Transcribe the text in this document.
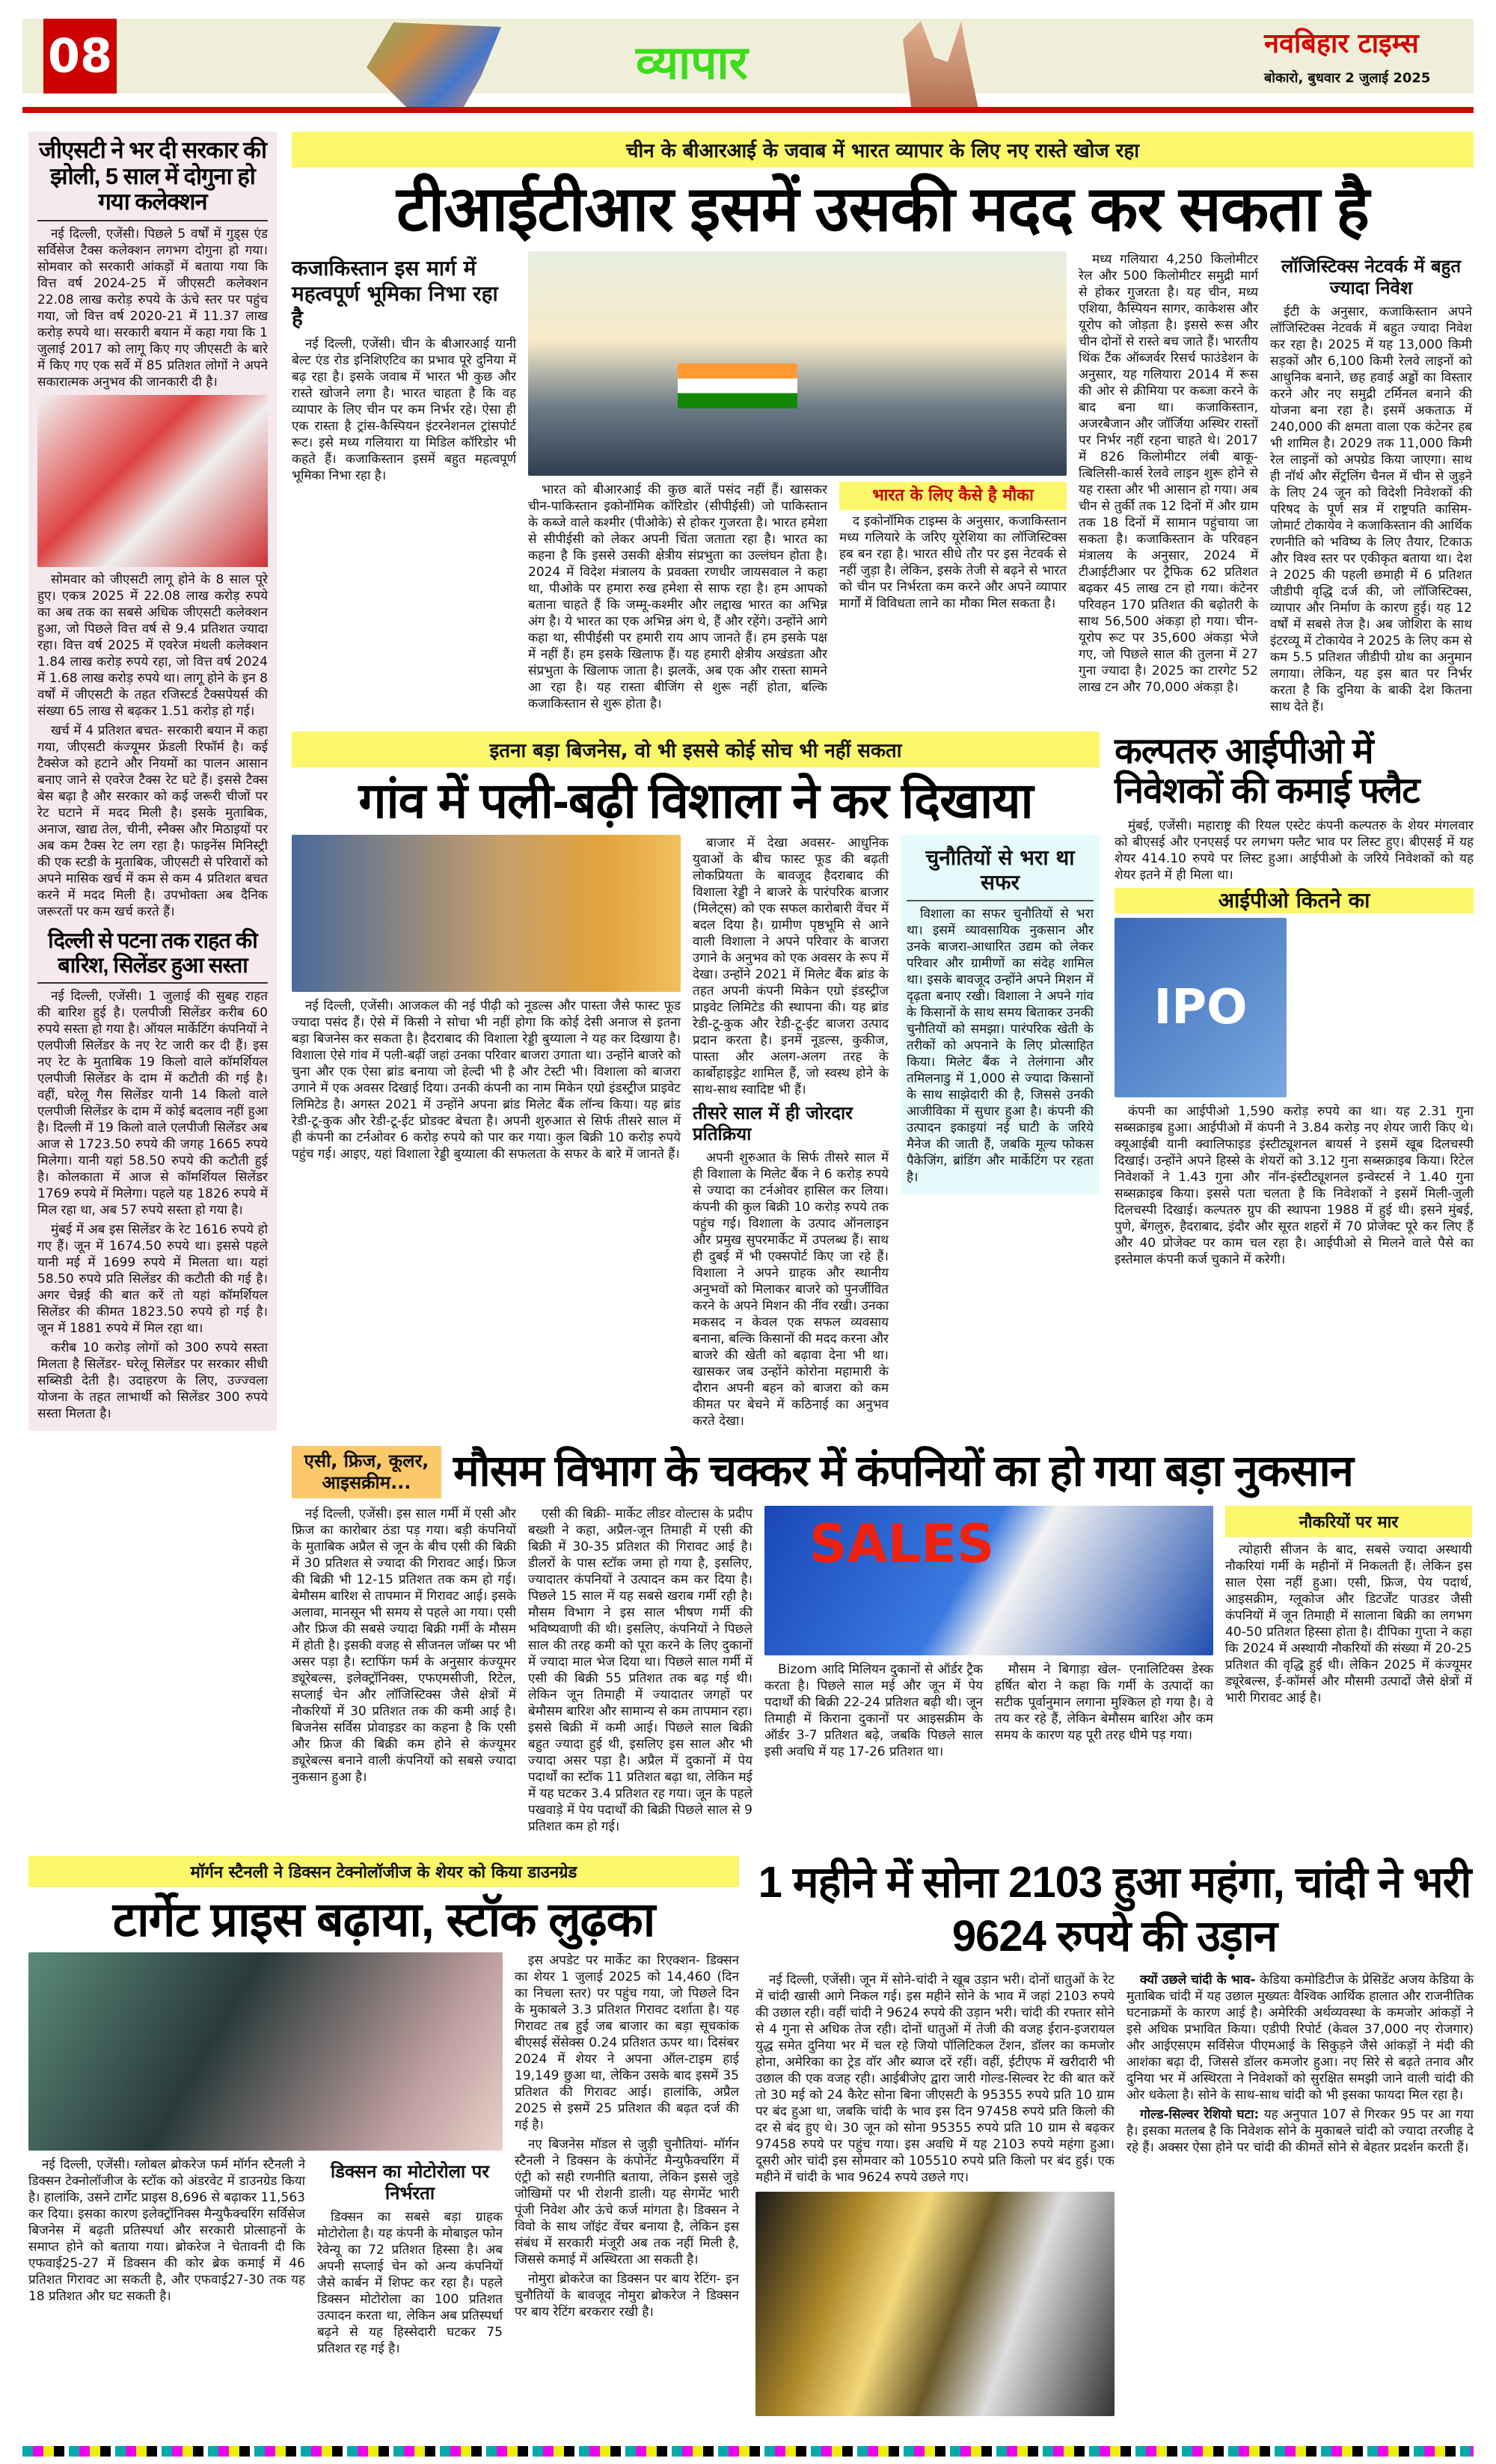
08	व्यापार	नवबिहार टाइम्स
बोकारो, बुधवार 2 जुलाई 2025
जीएसटी ने भर दी सरकार की झोली, 5 साल में दोगुना हो गया कलेक्शन

नई दिल्ली, एजेंसी। पिछले 5 वर्षों में गुड्स एंड सर्विसेज टैक्स कलेक्शन लगभग दोगुना हो गया। सोमवार को सरकारी आंकड़ों में बताया गया कि वित्त वर्ष 2024-25 में जीएसटी कलेक्शन 22.08 लाख करोड़ रुपये के ऊंचे स्तर पर पहुंच गया, जो वित्त वर्ष 2020-21 में 11.37 लाख करोड़ रुपये था। सरकारी बयान में कहा गया कि 1 जुलाई 2017 को लागू किए गए जीएसटी के बारे में किए गए एक सर्वे में 85 प्रतिशत लोगों ने अपने सकारात्मक अनुभव की जानकारी दी है।

सोमवार को जीएसटी लागू होने के 8 साल पूरे हुए। एकत्र 2025 में 22.08 लाख करोड़ रुपये का अब तक का सबसे अधिक जीएसटी कलेक्शन हुआ, जो पिछले वित्त वर्ष से 9.4 प्रतिशत ज्यादा रहा। वित्त वर्ष 2025 में एवरेज मंथली कलेक्शन 1.84 लाख करोड़ रुपये रहा, जो वित्त वर्ष 2024 में 1.68 लाख करोड़ रुपये था। लागू होने के इन 8 वर्षों में जीएसटी के तहत रजिस्टर्ड टैक्सपेयर्स की संख्या 65 लाख से बढ़कर 1.51 करोड़ हो गई।

खर्च में 4 प्रतिशत बचत- सरकारी बयान में कहा गया, जीएसटी कंज्यूमर फ्रेंडली रिफॉर्म है। कई टैक्सेज को हटाने और नियमों का पालन आसान बनाए जाने से एवरेज टैक्स रेट घटे हैं। इससे टैक्स बेस बढ़ा है और सरकार को कई जरूरी चीजों पर रेट घटाने में मदद मिली है। इसके मुताबिक, अनाज, खाद्य तेल, चीनी, स्नैक्स और मिठाइयों पर अब कम टैक्स रेट लग रहा है। फाइनेंस मिनिस्ट्री की एक स्टडी के मुताबिक, जीएसटी से परिवारों को अपने मासिक खर्च में कम से कम 4 प्रतिशत बचत करने में मदद मिली है। उपभोक्ता अब दैनिक जरूरतों पर कम खर्च करते हैं।

दिल्ली से पटना तक राहत की बारिश, सिलेंडर हुआ सस्ता

नई दिल्ली, एजेंसी। 1 जुलाई की सुबह राहत की बारिश हुई है। एलपीजी सिलेंडर करीब 60 रुपये सस्ता हो गया है। ऑयल मार्केटिंग कंपनियों ने एलपीजी सिलेंडर के नए रेट जारी कर दी हैं। इस नए रेट के मुताबिक 19 किलो वाले कॉमर्शियल एलपीजी सिलेंडर के दाम में कटौती की गई है। वहीं, घरेलू गैस सिलेंडर यानी 14 किलो वाले एलपीजी सिलेंडर के दाम में कोई बदलाव नहीं हुआ है। दिल्ली में 19 किलो वाले एलपीजी सिलेंडर अब आज से 1723.50 रुपये की जगह 1665 रुपये मिलेगा। यानी यहां 58.50 रुपये की कटौती हुई है। कोलकाता में आज से कॉमर्शियल सिलेंडर 1769 रुपये में मिलेगा। पहले यह 1826 रुपये में मिल रहा था, अब 57 रुपये सस्ता हो गया है।

मुंबई में अब इस सिलेंडर के रेट 1616 रुपये हो गए हैं। जून में 1674.50 रुपये था। इससे पहले यानी मई में 1699 रुपये में मिलता था। यहां 58.50 रुपये प्रति सिलेंडर की कटौती की गई है। अगर चेन्नई की बात करें तो यहां कॉमर्शियल सिलेंडर की कीमत 1823.50 रुपये हो गई है। जून में 1881 रुपये में मिल रहा था।

करीब 10 करोड़ लोगों को 300 रुपये सस्ता मिलता है सिलेंडर- घरेलू सिलेंडर पर सरकार सीधी सब्सिडी देती है। उदाहरण के लिए, उज्ज्वला योजना के तहत लाभार्थी को सिलेंडर 300 रुपये सस्ता मिलता है।

चीन के बीआरआई के जवाब में भारत व्यापार के लिए नए रास्ते खोज रहा
टीआईटीआर इसमें उसकी मदद कर सकता है
कजाकिस्तान इस मार्ग में महत्वपूर्ण भूमिका निभा रहा है

नई दिल्ली, एजेंसी। चीन के बीआरआई यानी बेल्ट एंड रोड इनिशिएटिव का प्रभाव पूरे दुनिया में बढ़ रहा है। इसके जवाब में भारत भी कुछ और रास्ते खोजने लगा है। भारत चाहता है कि वह व्यापार के लिए चीन पर कम निर्भर रहे। ऐसा ही एक रास्ता है ट्रांस-कैस्पियन इंटरनेशनल ट्रांसपोर्ट रूट। इसे मध्य गलियारा या मिडिल कॉरिडोर भी कहते हैं। कजाकिस्तान इसमें बहुत महत्वपूर्ण भूमिका निभा रहा है।

भारत को बीआरआई की कुछ बातें पसंद नहीं हैं। खासकर चीन-पाकिस्तान इकोनॉमिक कॉरिडोर (सीपीईसी) जो पाकिस्तान के कब्जे वाले कश्मीर (पीओके) से होकर गुजरता है। भारत हमेशा से सीपीईसी को लेकर अपनी चिंता जताता रहा है। भारत का कहना है कि इससे उसकी क्षेत्रीय संप्रभुता का उल्लंघन होता है। 2024 में विदेश मंत्रालय के प्रवक्ता रणधीर जायसवाल ने कहा था, पीओके पर हमारा रुख हमेशा से साफ रहा है। हम आपको बताना चाहते हैं कि जम्मू-कश्मीर और लद्दाख भारत का अभिन्न अंग है। ये भारत का एक अभिन्न अंग थे, हैं और रहेंगे। उन्होंने आगे कहा था, सीपीईसी पर हमारी राय आप जानते हैं। हम इसके पक्ष में नहीं हैं। हम इसके खिलाफ हैं। यह हमारी क्षेत्रीय अखंडता और संप्रभुता के खिलाफ जाता है। झलकें, अब एक और रास्ता सामने आ रहा है। यह रास्ता बीजिंग से शुरू नहीं होता, बल्कि कजाकिस्तान से शुरू होता है।

भारत के लिए कैसे है मौका

द इकोनॉमिक टाइम्स के अनुसार, कजाकिस्तान मध्य गलियारे के जरिए यूरेशिया का लॉजिस्टिक्स हब बन रहा है। भारत सीधे तौर पर इस नेटवर्क से नहीं जुड़ा है। लेकिन, इसके तेजी से बढ़ने से भारत को चीन पर निर्भरता कम करने और अपने व्यापार मार्गों में विविधता लाने का मौका मिल सकता है।

मध्य गलियारा 4,250 किलोमीटर रेल और 500 किलोमीटर समुद्री मार्ग से होकर गुजरता है। यह चीन, मध्य एशिया, कैस्पियन सागर, काकेशस और यूरोप को जोड़ता है। इससे रूस और चीन दोनों से रास्ते बच जाते हैं। भारतीय थिंक टैंक ऑब्जर्वर रिसर्च फाउंडेशन के अनुसार, यह गलियारा 2014 में रूस की ओर से क्रीमिया पर कब्जा करने के बाद बना था। कजाकिस्तान, अजरबैजान और जॉर्जिया अस्थिर रास्तों पर निर्भर नहीं रहना चाहते थे। 2017 में 826 किलोमीटर लंबी बाकू-त्बिलिसी-कार्स रेलवे लाइन शुरू होने से यह रास्ता और भी आसान हो गया। अब चीन से तुर्की तक 12 दिनों में और ग्राम तक 18 दिनों में सामान पहुंचाया जा सकता है। कजाकिस्तान के परिवहन मंत्रालय के अनुसार, 2024 में टीआईटीआर पर ट्रैफिक 62 प्रतिशत बढ़कर 45 लाख टन हो गया। कंटेनर परिवहन 170 प्रतिशत की बढ़ोतरी के साथ 56,500 अंकड़ा हो गया। चीन-यूरोप रूट पर 35,600 अंकड़ा भेजे गए, जो पिछले साल की तुलना में 27 गुना ज्यादा है। 2025 का टारगेट 52 लाख टन और 70,000 अंकड़ा है।

लॉजिस्टिक्स नेटवर्क में बहुत ज्यादा निवेश

ईटी के अनुसार, कजाकिस्तान अपने लॉजिस्टिक्स नेटवर्क में बहुत ज्यादा निवेश कर रहा है। 2025 में यह 13,000 किमी सड़कों और 6,100 किमी रेलवे लाइनों को आधुनिक बनाने, छह हवाई अड्डों का विस्तार करने और नए समुद्री टर्मिनल बनाने की योजना बना रहा है। इसमें अकताऊ में 240,000 की क्षमता वाला एक कंटेनर हब भी शामिल है। 2029 तक 11,000 किमी रेल लाइनों को अपग्रेड किया जाएगा। साथ ही नॉर्थ और सेंट्रलिंग चैनल में चीन से जुड़ने के लिए 24 जून को विदेशी निवेशकों की परिषद के पूर्ण सत्र में राष्ट्रपति कासिम-जोमार्ट टोकायेव ने कजाकिस्तान की आर्थिक रणनीति को भविष्य के लिए तैयार, टिकाऊ और विश्व स्तर पर एकीकृत बताया था। देश ने 2025 की पहली छमाही में 6 प्रतिशत जीडीपी वृद्धि दर्ज की, जो लॉजिस्टिक्स, व्यापार और निर्माण के कारण हुई। यह 12 वर्षों में सबसे तेज है। अब जोशिरा के साथ इंटरव्यू में टोकायेव ने 2025 के लिए कम से कम 5.5 प्रतिशत जीडीपी ग्रोथ का अनुमान लगाया। लेकिन, यह इस बात पर निर्भर करता है कि दुनिया के बाकी देश कितना साथ देते हैं।

इतना बड़ा बिजनेस, वो भी इससे कोई सोच भी नहीं सकता
गांव में पली-बढ़ी विशाला ने कर दिखाया

नई दिल्ली, एजेंसी। आजकल की नई पीढ़ी को नूडल्स और पास्ता जैसे फास्ट फूड ज्यादा पसंद हैं। ऐसे में किसी ने सोचा भी नहीं होगा कि कोई देसी अनाज से इतना बड़ा बिजनेस कर सकता है। हैदराबाद की विशाला रेड्डी बुय्याला ने यह कर दिखाया है। विशाला ऐसे गांव में पली-बढ़ीं जहां उनका परिवार बाजरा उगाता था। उन्होंने बाजरे को चुना और एक ऐसा ब्रांड बनाया जो हेल्दी भी है और टेस्टी भी। विशाला को बाजरा उगाने में एक अवसर दिखाई दिया। उनकी कंपनी का नाम मिकेन एग्रो इंडस्ट्रीज प्राइवेट लिमिटेड है। अगस्त 2021 में उन्होंने अपना ब्रांड मिलेट बैंक लॉन्च किया। यह ब्रांड रेडी-टू-कुक और रेडी-टू-ईट प्रोडक्ट बेचता है। अपनी शुरुआत से सिर्फ तीसरे साल में ही कंपनी का टर्नओवर 6 करोड़ रुपये को पार कर गया। कुल बिक्री 10 करोड़ रुपये पहुंच गई। आइए, यहां विशाला रेड्डी बुय्याला की सफलता के सफर के बारे में जानते हैं।

बाजार में देखा अवसर- आधुनिक युवाओं के बीच फास्ट फूड की बढ़ती लोकप्रियता के बावजूद हैदराबाद की विशाला रेड्डी ने बाजरे के पारंपरिक बाजार (मिलेट्स) को एक सफल कारोबारी वेंचर में बदल दिया है। ग्रामीण पृष्ठभूमि से आने वाली विशाला ने अपने परिवार के बाजरा उगाने के अनुभव को एक अवसर के रूप में देखा। उन्होंने 2021 में मिलेट बैंक ब्रांड के तहत अपनी कंपनी मिकेन एग्रो इंडस्ट्रीज प्राइवेट लिमिटेड की स्थापना की। यह ब्रांड रेडी-टू-कुक और रेडी-टू-ईट बाजरा उत्पाद प्रदान करता है। इनमें नूडल्स, कुकीज, पास्ता और अलग-अलग तरह के कार्बोहाइड्रेट शामिल हैं, जो स्वस्थ होने के साथ-साथ स्वादिष्ट भी हैं।

तीसरे साल में ही जोरदार प्रतिक्रिया

अपनी शुरुआत के सिर्फ तीसरे साल में ही विशाला के मिलेट बैंक ने 6 करोड़ रुपये से ज्यादा का टर्नओवर हासिल कर लिया। कंपनी की कुल बिक्री 10 करोड़ रुपये तक पहुंच गई। विशाला के उत्पाद ऑनलाइन और प्रमुख सुपरमार्केट में उपलब्ध हैं। साथ ही दुबई में भी एक्सपोर्ट किए जा रहे हैं। विशाला ने अपने ग्राहक और स्थानीय अनुभवों को मिलाकर बाजरे को पुनर्जीवित करने के अपने मिशन की नींव रखी। उनका मकसद न केवल एक सफल व्यवसाय बनाना, बल्कि किसानों की मदद करना और बाजरे की खेती को बढ़ावा देना भी था। खासकर जब उन्होंने कोरोना महामारी के दौरान अपनी बहन को बाजरा को कम कीमत पर बेचने में कठिनाई का अनुभव करते देखा।

चुनौतियों से भरा था सफर

विशाला का सफर चुनौतियों से भरा था। इसमें व्यावसायिक नुकसान और उनके बाजरा-आधारित उद्यम को लेकर परिवार और ग्रामीणों का संदेह शामिल था। इसके बावजूद उन्होंने अपने मिशन में दृढ़ता बनाए रखी। विशाला ने अपने गांव के किसानों के साथ समय बिताकर उनकी चुनौतियों को समझा। पारंपरिक खेती के तरीकों को अपनाने के लिए प्रोत्साहित किया। मिलेट बैंक ने तेलंगाना और तमिलनाडु में 1,000 से ज्यादा किसानों के साथ साझेदारी की है, जिससे उनकी आजीविका में सुधार हुआ है। कंपनी की उत्पादन इकाइयां नई घाटी के जरिये मैनेज की जाती हैं, जबकि मूल्य फोकस पैकेजिंग, ब्रांडिंग और मार्केटिंग पर रहता है।

कल्पतरु आईपीओ में निवेशकों की कमाई फ्लैट

मुंबई, एजेंसी। महाराष्ट्र की रियल एस्टेट कंपनी कल्पतरु के शेयर मंगलवार को बीएसई और एनएसई पर लगभग फ्लैट भाव पर लिस्ट हुए। बीएसई में यह शेयर 414.10 रुपये पर लिस्ट हुआ। आईपीओ के जरिये निवेशकों को यह शेयर इतने में ही मिला था।

आईपीओ कितने का
IPO

कंपनी का आईपीओ 1,590 करोड़ रुपये का था। यह 2.31 गुना सब्सक्राइब हुआ। आईपीओ में कंपनी ने 3.84 करोड़ नए शेयर जारी किए थे। क्यूआईबी यानी क्वालिफाइड इंस्टीट्यूशनल बायर्स ने इसमें खूब दिलचस्पी दिखाई। उन्होंने अपने हिस्से के शेयरों को 3.12 गुना सब्सक्राइब किया। रिटेल निवेशकों ने 1.43 गुना और नॉन-इंस्टीट्यूशनल इन्वेस्टर्स ने 1.40 गुना सब्सक्राइब किया। इससे पता चलता है कि निवेशकों ने इसमें मिली-जुली दिलचस्पी दिखाई। कल्पतरु ग्रुप की स्थापना 1988 में हुई थी। इसने मुंबई, पुणे, बेंगलुरु, हैदराबाद, इंदौर और सूरत शहरों में 70 प्रोजेक्ट पूरे कर लिए हैं और 40 प्रोजेक्ट पर काम चल रहा है। आईपीओ से मिलने वाले पैसे का इस्तेमाल कंपनी कर्ज चुकाने में करेगी।

एसी, फ्रिज, कूलर, आइसक्रीम... मौसम विभाग के चक्कर में कंपनियों का हो गया बड़ा नुकसान

नई दिल्ली, एजेंसी। इस साल गर्मी में एसी और फ्रिज का कारोबार ठंडा पड़ गया। बड़ी कंपनियों के मुताबिक अप्रैल से जून के बीच एसी की बिक्री में 30 प्रतिशत से ज्यादा की गिरावट आई। फ्रिज की बिक्री भी 12-15 प्रतिशत तक कम हो गई। बेमौसम बारिश से तापमान में गिरावट आई। इसके अलावा, मानसून भी समय से पहले आ गया। एसी और फ्रिज की सबसे ज्यादा बिक्री गर्मी के मौसम में होती है। इसकी वजह से सीजनल जॉब्स पर भी असर पड़ा है। स्टाफिंग फर्म के अनुसार कंज्यूमर ड्यूरेबल्स, इलेक्ट्रॉनिक्स, एफएमसीजी, रिटेल, सप्लाई चेन और लॉजिस्टिक्स जैसे क्षेत्रों में नौकरियों में 30 प्रतिशत तक की कमी आई है। बिजनेस सर्विस प्रोवाइडर का कहना है कि एसी और फ्रिज की बिक्री कम होने से कंज्यूमर ड्यूरेबल्स बनाने वाली कंपनियों को सबसे ज्यादा नुकसान हुआ है।

एसी की बिक्री- मार्केट लीडर वोल्टास के प्रदीप बख्शी ने कहा, अप्रैल-जून तिमाही में एसी की बिक्री में 30-35 प्रतिशत की गिरावट आई है। डीलरों के पास स्टॉक जमा हो गया है, इसलिए, ज्यादातर कंपनियों ने उत्पादन कम कर दिया है। पिछले 15 साल में यह सबसे खराब गर्मी रही है। मौसम विभाग ने इस साल भीषण गर्मी की भविष्यवाणी की थी। इसलिए, कंपनियों ने पिछले साल की तरह कमी को पूरा करने के लिए दुकानों में ज्यादा माल भेज दिया था। पिछले साल गर्मी में एसी की बिक्री 55 प्रतिशत तक बढ़ गई थी। लेकिन जून तिमाही में ज्यादातर जगहों पर बेमौसम बारिश और सामान्य से कम तापमान रहा। इससे बिक्री में कमी आई। पिछले साल बिक्री बहुत ज्यादा हुई थी, इसलिए इस साल और भी ज्यादा असर पड़ा है। अप्रैल में दुकानों में पेय पदार्थों का स्टॉक 11 प्रतिशत बढ़ा था, लेकिन मई में यह घटकर 3.4 प्रतिशत रह गया। जून के पहले पखवाड़े में पेय पदार्थों की बिक्री पिछले साल से 9 प्रतिशत कम हो गई।

SALES

Bizom आदि मिलियन दुकानों से ऑर्डर ट्रैक करता है। पिछले साल मई और जून में पेय पदार्थों की बिक्री 22-24 प्रतिशत बढ़ी थी। जून तिमाही में किराना दुकानों पर आइसक्रीम के ऑर्डर 3-7 प्रतिशत बढ़े, जबकि पिछले साल इसी अवधि में यह 17-26 प्रतिशत था।

मौसम ने बिगाड़ा खेल- एनालिटिक्स डेस्क हर्षित बोरा ने कहा कि गर्मी के उत्पादों का सटीक पूर्वानुमान लगाना मुश्किल हो गया है। वे तय कर रहे हैं, लेकिन बेमौसम बारिश और कम समय के कारण यह पूरी तरह धीमे पड़ गया।

नौकरियों पर मार

त्योहारी सीजन के बाद, सबसे ज्यादा अस्थायी नौकरियां गर्मी के महीनों में निकलती हैं। लेकिन इस साल ऐसा नहीं हुआ। एसी, फ्रिज, पेय पदार्थ, आइसक्रीम, ग्लूकोज और डिटर्जेंट पाउडर जैसी कंपनियों में जून तिमाही में सालाना बिक्री का लगभग 40-50 प्रतिशत हिस्सा होता है। दीपिका गुप्ता ने कहा कि 2024 में अस्थायी नौकरियों की संख्या में 20-25 प्रतिशत की वृद्धि हुई थी। लेकिन 2025 में कंज्यूमर ड्यूरेबल्स, ई-कॉमर्स और मौसमी उत्पादों जैसे क्षेत्रों में भारी गिरावट आई है।

मॉर्गन स्टैनली ने डिक्सन टेक्नोलॉजीज के शेयर को किया डाउनग्रेड
टार्गेट प्राइस बढ़ाया, स्टॉक लुढ़का

नई दिल्ली, एजेंसी। ग्लोबल ब्रोकरेज फर्म मॉर्गन स्टैनली ने डिक्सन टेक्नोलॉजीज के स्टॉक को अंडरवेट में डाउनग्रेड किया है। हालांकि, उसने टार्गेट प्राइस 8,696 से बढ़ाकर 11,563 कर दिया। इसका कारण इलेक्ट्रॉनिक्स मैन्युफैक्चरिंग सर्विसेज बिजनेस में बढ़ती प्रतिस्पर्धा और सरकारी प्रोत्साहनों के समाप्त होने को बताया गया। ब्रोकरेज ने चेतावनी दी कि एफवाई25-27 में डिक्सन की कोर ब्रेक कमाई में 46 प्रतिशत गिरावट आ सकती है, और एफवाई27-30 तक यह 18 प्रतिशत और घट सकती है।

डिक्सन का मोटोरोला पर निर्भरता

डिक्सन का सबसे बड़ा ग्राहक मोटोरोला है। यह कंपनी के मोबाइल फोन रेवेन्यू का 72 प्रतिशत हिस्सा है। अब अपनी सप्लाई चेन को अन्य कंपनियों जैसे कार्बन में शिफ्ट कर रहा है। पहले डिक्सन मोटोरोला का 100 प्रतिशत उत्पादन करता था, लेकिन अब प्रतिस्पर्धा बढ़ने से यह हिस्सेदारी घटकर 75 प्रतिशत रह गई है।

इस अपडेट पर मार्केट का रिएक्शन- डिक्सन का शेयर 1 जुलाई 2025 को 14,460 (दिन का निचला स्तर) पर पहुंच गया, जो पिछले दिन के मुकाबले 3.3 प्रतिशत गिरावट दर्शाता है। यह गिरावट तब हुई जब बाजार का बड़ा सूचकांक बीएसई सेंसेक्स 0.24 प्रतिशत ऊपर था। दिसंबर 2024 में शेयर ने अपना ऑल-टाइम हाई 19,149 छुआ था, लेकिन उसके बाद इसमें 35 प्रतिशत की गिरावट आई। हालांकि, अप्रैल 2025 से इसमें 25 प्रतिशत की बढ़त दर्ज की गई है।

नए बिजनेस मॉडल से जुड़ी चुनौतियां- मॉर्गन स्टैनली ने डिक्सन के कंपोनेंट मैन्युफैक्चरिंग में एंट्री को सही रणनीति बताया, लेकिन इससे जुड़े जोखिमों पर भी रोशनी डाली। यह सेगमेंट भारी पूंजी निवेश और ऊंचे कर्ज मांगता है। डिक्सन ने विवो के साथ जॉइंट वेंचर बनाया है, लेकिन इस संबंध में सरकारी मंजूरी अब तक नहीं मिली है, जिससे कमाई में अस्थिरता आ सकती है।

नोमुरा ब्रोकरेज का डिक्सन पर बाय रेटिंग- इन चुनौतियों के बावजूद नोमुरा ब्रोकरेज ने डिक्सन पर बाय रेटिंग बरकरार रखी है।

1 महीने में सोना 2103 हुआ महंगा, चांदी ने भरी 9624 रुपये की उड़ान

नई दिल्ली, एजेंसी। जून में सोने-चांदी ने खूब उड़ान भरी। दोनों धातुओं के रेट में चांदी खासी आगे निकल गई। इस महीने सोने के भाव में जहां 2103 रुपये की उछाल रही। वहीं चांदी ने 9624 रुपये की उड़ान भरी। चांदी की रफ्तार सोने से 4 गुना से अधिक तेज रही। दोनों धातुओं में तेजी की वजह ईरान-इजरायल युद्ध समेत दुनिया भर में चल रहे जियो पॉलिटिकल टेंशन, डॉलर का कमजोर होना, अमेरिका का ट्रेड वॉर और ब्याज दरें रहीं। वहीं, ईटीएफ में खरीदारी भी उछाल की एक वजह रही। आईबीजेए द्वारा जारी गोल्ड-सिल्वर रेट की बात करें तो 30 मई को 24 कैरेट सोना बिना जीएसटी के 95355 रुपये प्रति 10 ग्राम पर बंद हुआ था, जबकि चांदी के भाव इस दिन 97458 रुपये प्रति किलो की दर से बंद हुए थे। 30 जून को सोना 95355 रुपये प्रति 10 ग्राम से बढ़कर 97458 रुपये पर पहुंच गया। इस अवधि में यह 2103 रुपये महंगा हुआ। दूसरी ओर चांदी इस सोमवार को 105510 रुपये प्रति किलो पर बंद हुई। एक महीने में चांदी के भाव 9624 रुपये उछले गए।

क्यों उछले चांदी के भाव- केडिया कमोडिटीज के प्रेसिडेंट अजय केडिया के मुताबिक चांदी में यह उछाल मुख्यतः वैश्विक आर्थिक हालात और राजनीतिक घटनाक्रमों के कारण आई है। अमेरिकी अर्थव्यवस्था के कमजोर आंकड़ों ने इसे अधिक प्रभावित किया। एडीपी रिपोर्ट (केवल 37,000 नए रोजगार) और आईएसएम सर्विसेज पीएमआई के सिकुड़ने जैसे आंकड़ों ने मंदी की आशंका बढ़ा दी, जिससे डॉलर कमजोर हुआ। नए सिरे से बढ़ते तनाव और दुनिया भर में अस्थिरता ने निवेशकों को सुरक्षित समझी जाने वाली चांदी की ओर धकेला है। सोने के साथ-साथ चांदी को भी इसका फायदा मिल रहा है।

गोल्ड-सिल्वर रेशियो घटा: यह अनुपात 107 से गिरकर 95 पर आ गया है। इसका मतलब है कि निवेशक सोने के मुकाबले चांदी को ज्यादा तरजीह दे रहे हैं। अक्सर ऐसा होने पर चांदी की कीमतें सोने से बेहतर प्रदर्शन करती हैं।
